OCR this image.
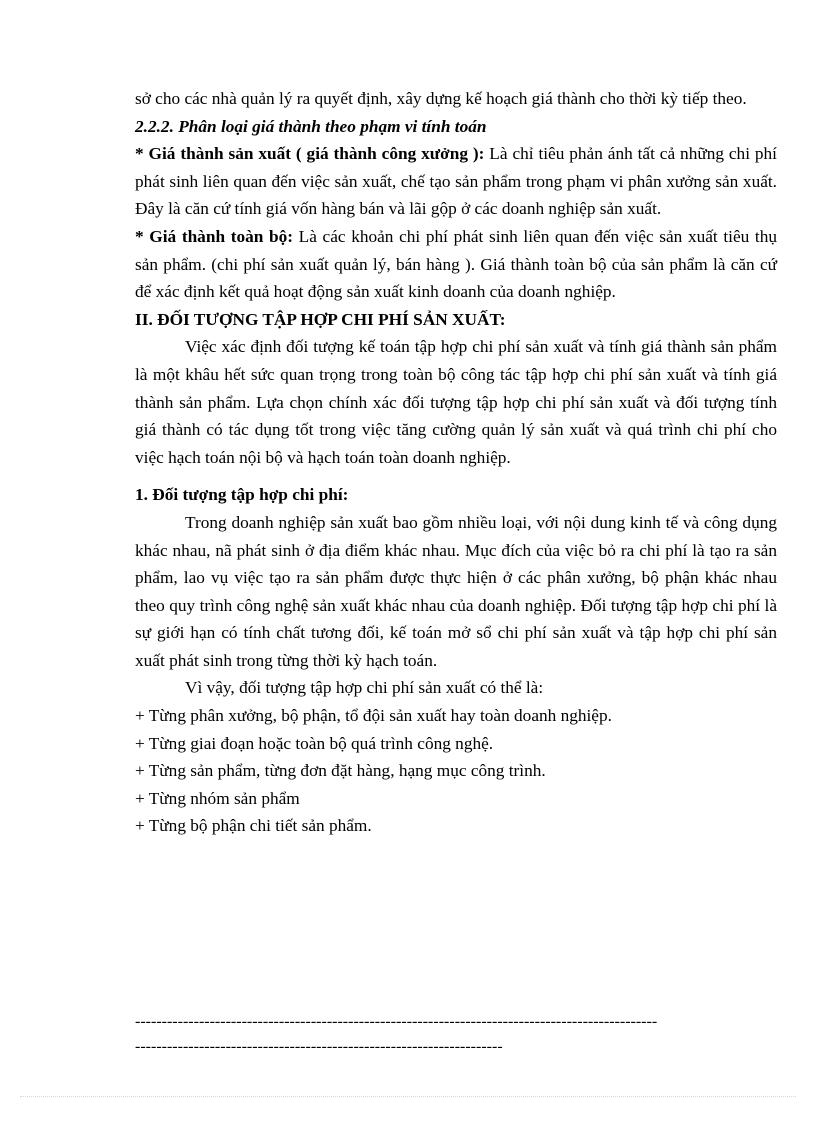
sở cho các nhà quản lý ra quyết định, xây dựng kế hoạch giá thành cho thời kỳ tiếp theo.

2.2.2. Phân loại giá thành theo phạm vi tính toán

* Giá thành sản xuất ( giá thành công xưởng ): Là chỉ tiêu phản ánh tất cả những chi phí phát sinh liên quan đến việc sản xuất, chế tạo sản phẩm trong phạm vi phân xưởng sản xuất. Đây là căn cứ tính giá vốn hàng bán và lãi gộp ở các doanh nghiệp sản xuất.

* Giá thành toàn bộ: Là các khoản chi phí phát sinh liên quan đến việc sản xuất tiêu thụ sản phẩm. (chi phí sản xuất quản lý, bán hàng ). Giá thành toàn bộ của sản phẩm là căn cứ để xác định kết quả hoạt động sản xuất kinh doanh của doanh nghiệp.

II. ĐỐI TƯỢNG TẬP HỢP CHI PHÍ SẢN XUẤT:

Việc xác định đối tượng kế toán tập hợp chi phí sản xuất và tính giá thành sản phẩm là một khâu hết sức quan trọng trong toàn bộ công tác tập hợp chi phí sản xuất và tính giá thành sản phẩm. Lựa chọn chính xác đối tượng tập hợp chi phí sản xuất và đối tượng tính giá thành có tác dụng tốt trong việc tăng cường quản lý sản xuất và quá trình chi phí cho việc hạch toán nội bộ và hạch toán toàn doanh nghiệp.

1. Đối tượng tập hợp chi phí:

Trong doanh nghiệp sản xuất bao gồm nhiều loại, với nội dung kinh tế và công dụng khác nhau, nã phát sinh ở địa điểm khác nhau. Mục đích của việc bỏ ra chi phí là tạo ra sản phẩm, lao vụ việc tạo ra sản phẩm được thực hiện ở các phân xưởng, bộ phận khác nhau theo quy trình công nghệ sản xuất khác nhau của doanh nghiệp. Đối tượng tập hợp chi phí là sự giới hạn có tính chất tương đối, kế toán mở sổ chi phí sản xuất và tập hợp chi phí sản xuất phát sinh trong từng thời kỳ hạch toán.

Vì vậy, đối tượng tập hợp chi phí sản xuất có thể là:

+ Từng phân xưởng, bộ phận, tổ đội sản xuất hay toàn doanh nghiệp.

+ Từng giai đoạn hoặc toàn bộ quá trình công nghệ.

+ Từng sản phẩm, từng đơn đặt hàng, hạng mục công trình.

+ Từng nhóm sản phẩm

+ Từng bộ phận chi tiết sản phẩm.

--------------------------------------------------------------------------------------------------
---------------------------------------------------------------------
